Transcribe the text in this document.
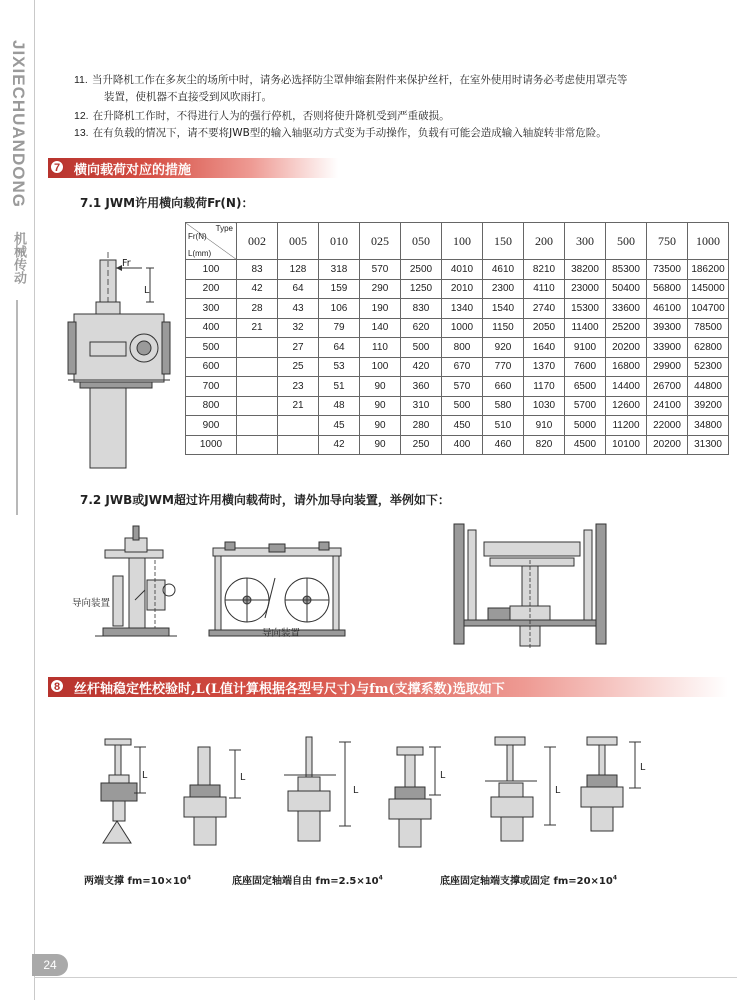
JIXIECHUANDONG
机械传动
11. 当升降机工作在多灰尘的场所中时，请务必选择防尘罩伸缩套附件来保护丝杆，在室外使用时请务必考虑使用罩壳等
装置，使机器不直接受到风吹雨打。
12. 在升降机工作时，不得进行人为的强行停机，否则将使升降机受到严重破损。
13. 在有负载的情况下，请不要将JWB型的输入轴驱动方式变为手动操作，负载有可能会造成输入轴旋转非常危险。
7	横向载荷对应的措施
7.1 JWM许用横向载荷Fr(N)：
Fr
L
Type
Fr(N)
L(mm)	002	005	010	025	050	100	150	200	300	500	750	1000
100	83	128	318	570	2500	4010	4610	8210	38200	85300	73500	186200
200	42	64	159	290	1250	2010	2300	4110	23000	50400	56800	145000
300	28	43	106	190	830	1340	1540	2740	15300	33600	46100	104700
400	21	32	79	140	620	1000	1150	2050	11400	25200	39300	78500
500		27	64	110	500	800	920	1640	9100	20200	33900	62800
600		25	53	100	420	670	770	1370	7600	16800	29900	52300
700		23	51	90	360	570	660	1170	6500	14400	26700	44800
800		21	48	90	310	500	580	1030	5700	12600	24100	39200
900			45	90	280	450	510	910	5000	11200	22000	34800
1000			42	90	250	400	460	820	4500	10100	20200	31300
7.2 JWB或JWM超过许用横向载荷时，请外加导向装置，举例如下：
导向装置
导向装置
8	丝杆轴稳定性校验时,L(L值计算根据各型号尺寸)与fm(支撑系数)选取如下
L	L
L
L
L
L
两端支撑 $fm=10\times 10^4$	底座固定轴端自由 $fm=2.5\times 10^4$	底座固定轴端支撑或固定 $fm=20\times 10^4$
24
